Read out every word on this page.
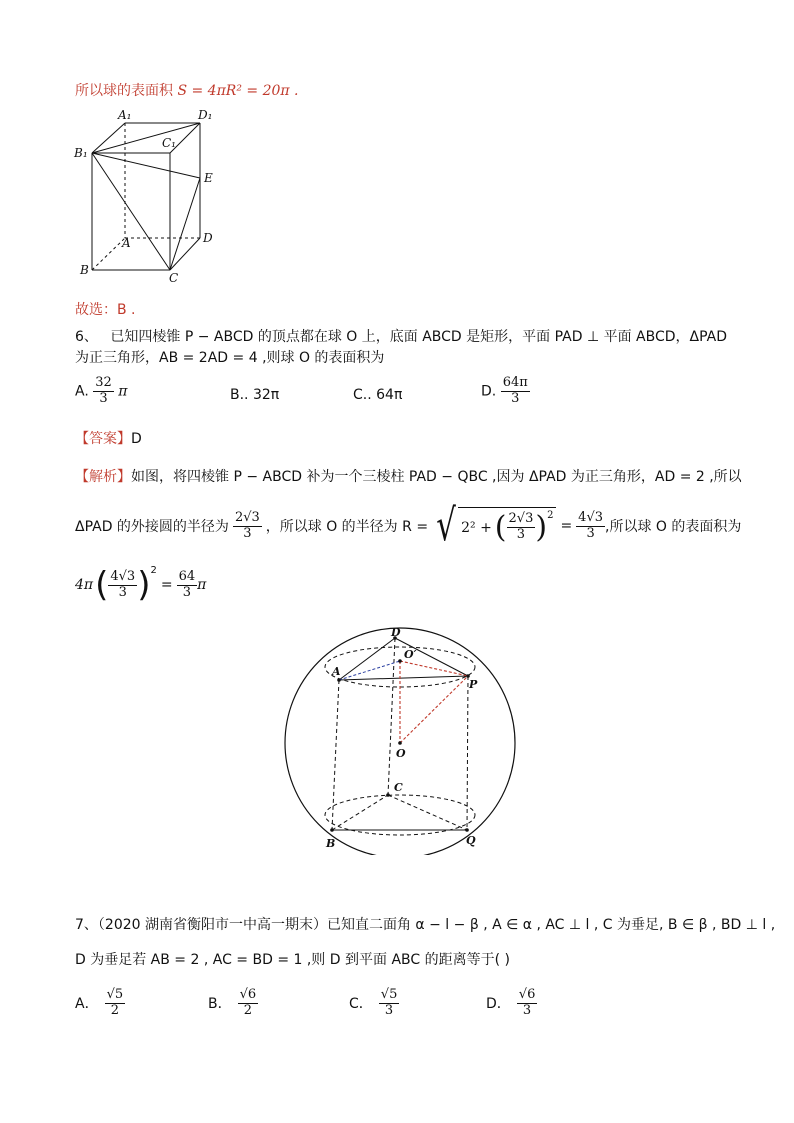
所以球的表面积 S = 4πR² = 20π .
A₁	D₁
B₁
C₁
E
A	D
B
C
故选：B .
6、 已知四棱锥 P − ABCD 的顶点都在球 O 上，底面 ABCD 是矩形，平面 PAD ⊥ 平面 ABCD，ΔPAD
为正三角形，AB = 2AD = 4 ,则球 O 的表面积为
A. $\frac{32}{3}$ π	B.. 32π	C.. 64π	D. $\frac{64\pi}{3}$
【答案】D
【解析】如图，将四棱锥 P − ABCD 补为一个三棱柱 PAD − QBC ,因为 ΔPAD 为正三角形，AD = 2 ,所以
ΔPAD 的外接圆的半径为 $\frac{2√3}{3}$ ，所以球 O 的半径为 R = √ 2² + ( $\frac{2√3}{3} )^2$
= $\frac{4√3}{3}$ ,所以球 O 的表面积为
4π ( $\frac{4√3}{3} )^2$
= $\frac{64}{3}$ π
D
O′
A
P
O
C
B	Q
7、（2020 湖南省衡阳市一中高一期末）已知直二面角 α − l − β , A ∈ α , AC ⊥ l , C 为垂足, B ∈ β , BD ⊥ l ,
D 为垂足若 AB = 2 , AC = BD = 1 ,则 D 到平面 ABC 的距离等于( )
A． $\frac{√5}{2}$	B． $\frac{√6}{2}$	C． $\frac{√5}{3}$	D． $\frac{√6}{3}$
